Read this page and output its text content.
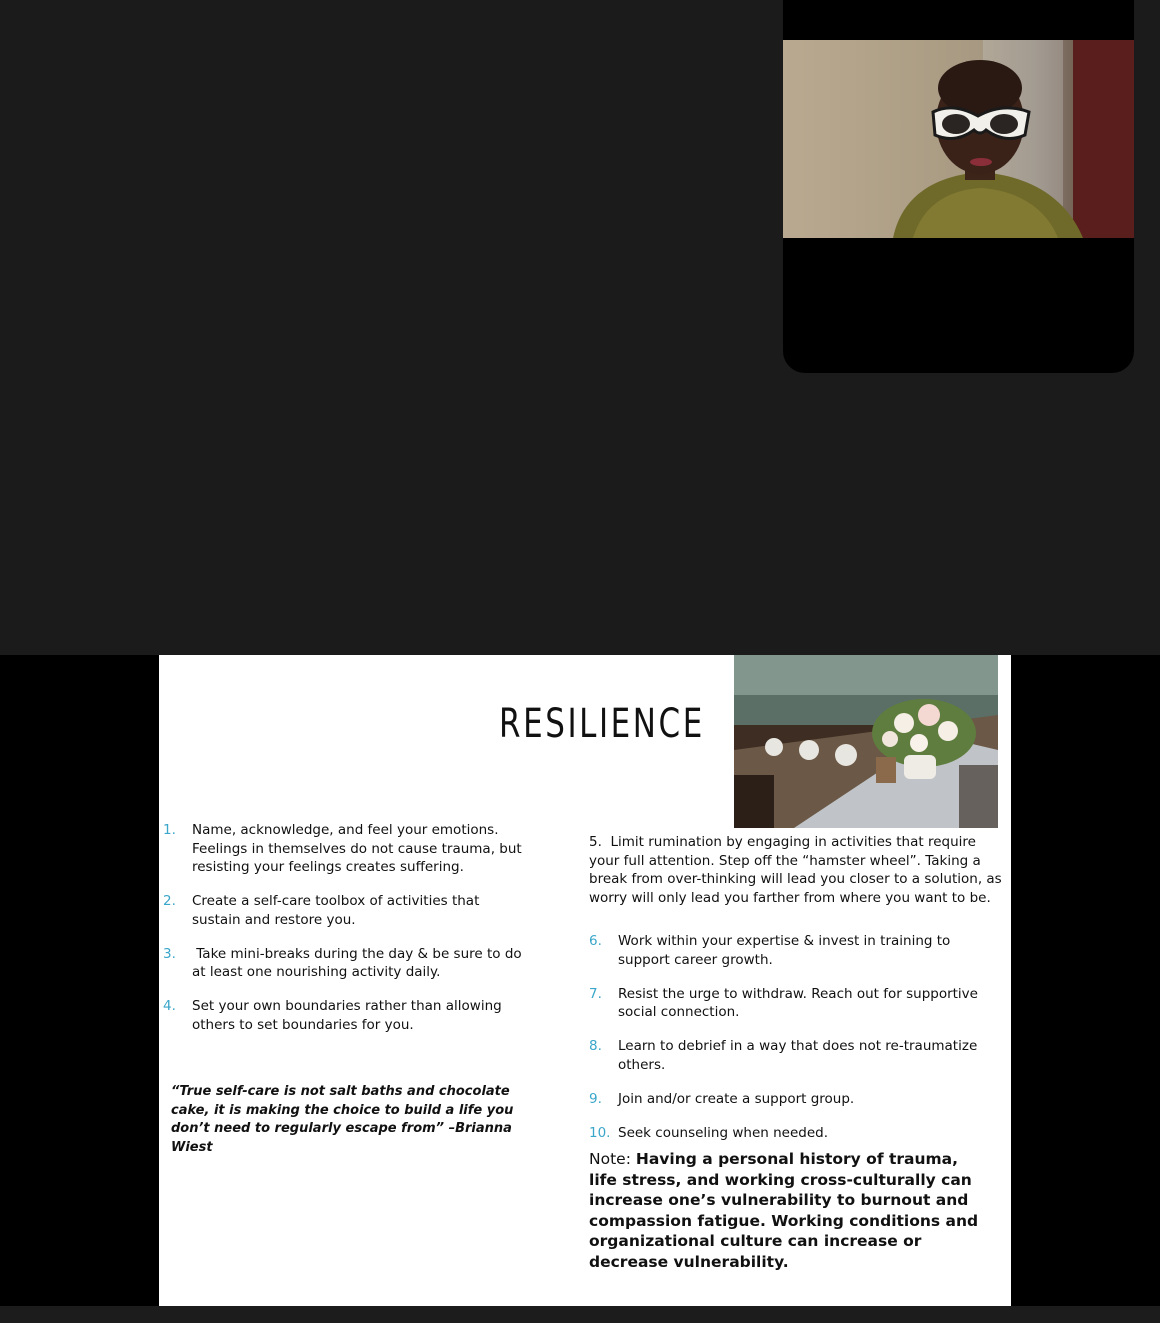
RESILIENCE
1. Name, acknowledge, and feel your emotions. Feelings in themselves do not cause trauma, but resisting your feelings creates suffering.
2. Create a self-care toolbox of activities that sustain and restore you.
3. Take mini-breaks during the day & be sure to do at least one nourishing activity daily.
4. Set your own boundaries rather than allowing others to set boundaries for you.

“True self-care is not salt baths and chocolate cake, it is making the choice to build a life you don’t need to regularly escape from” –Brianna Wiest

5.  Limit rumination by engaging in activities that require your full attention. Step off the “hamster wheel”. Taking a break from over-thinking will lead you closer to a solution, as worry will only lead you farther from where you want to be.

6. Work within your expertise & invest in training to support career growth.
7. Resist the urge to withdraw. Reach out for supportive social connection.
8. Learn to debrief in a way that does not re-traumatize others.
9. Join and/or create a support group.
10. Seek counseling when needed.

Note: Having a personal history of trauma, life stress, and working cross-culturally can increase one’s vulnerability to burnout and compassion fatigue. Working conditions and organizational culture can increase or decrease vulnerability.
